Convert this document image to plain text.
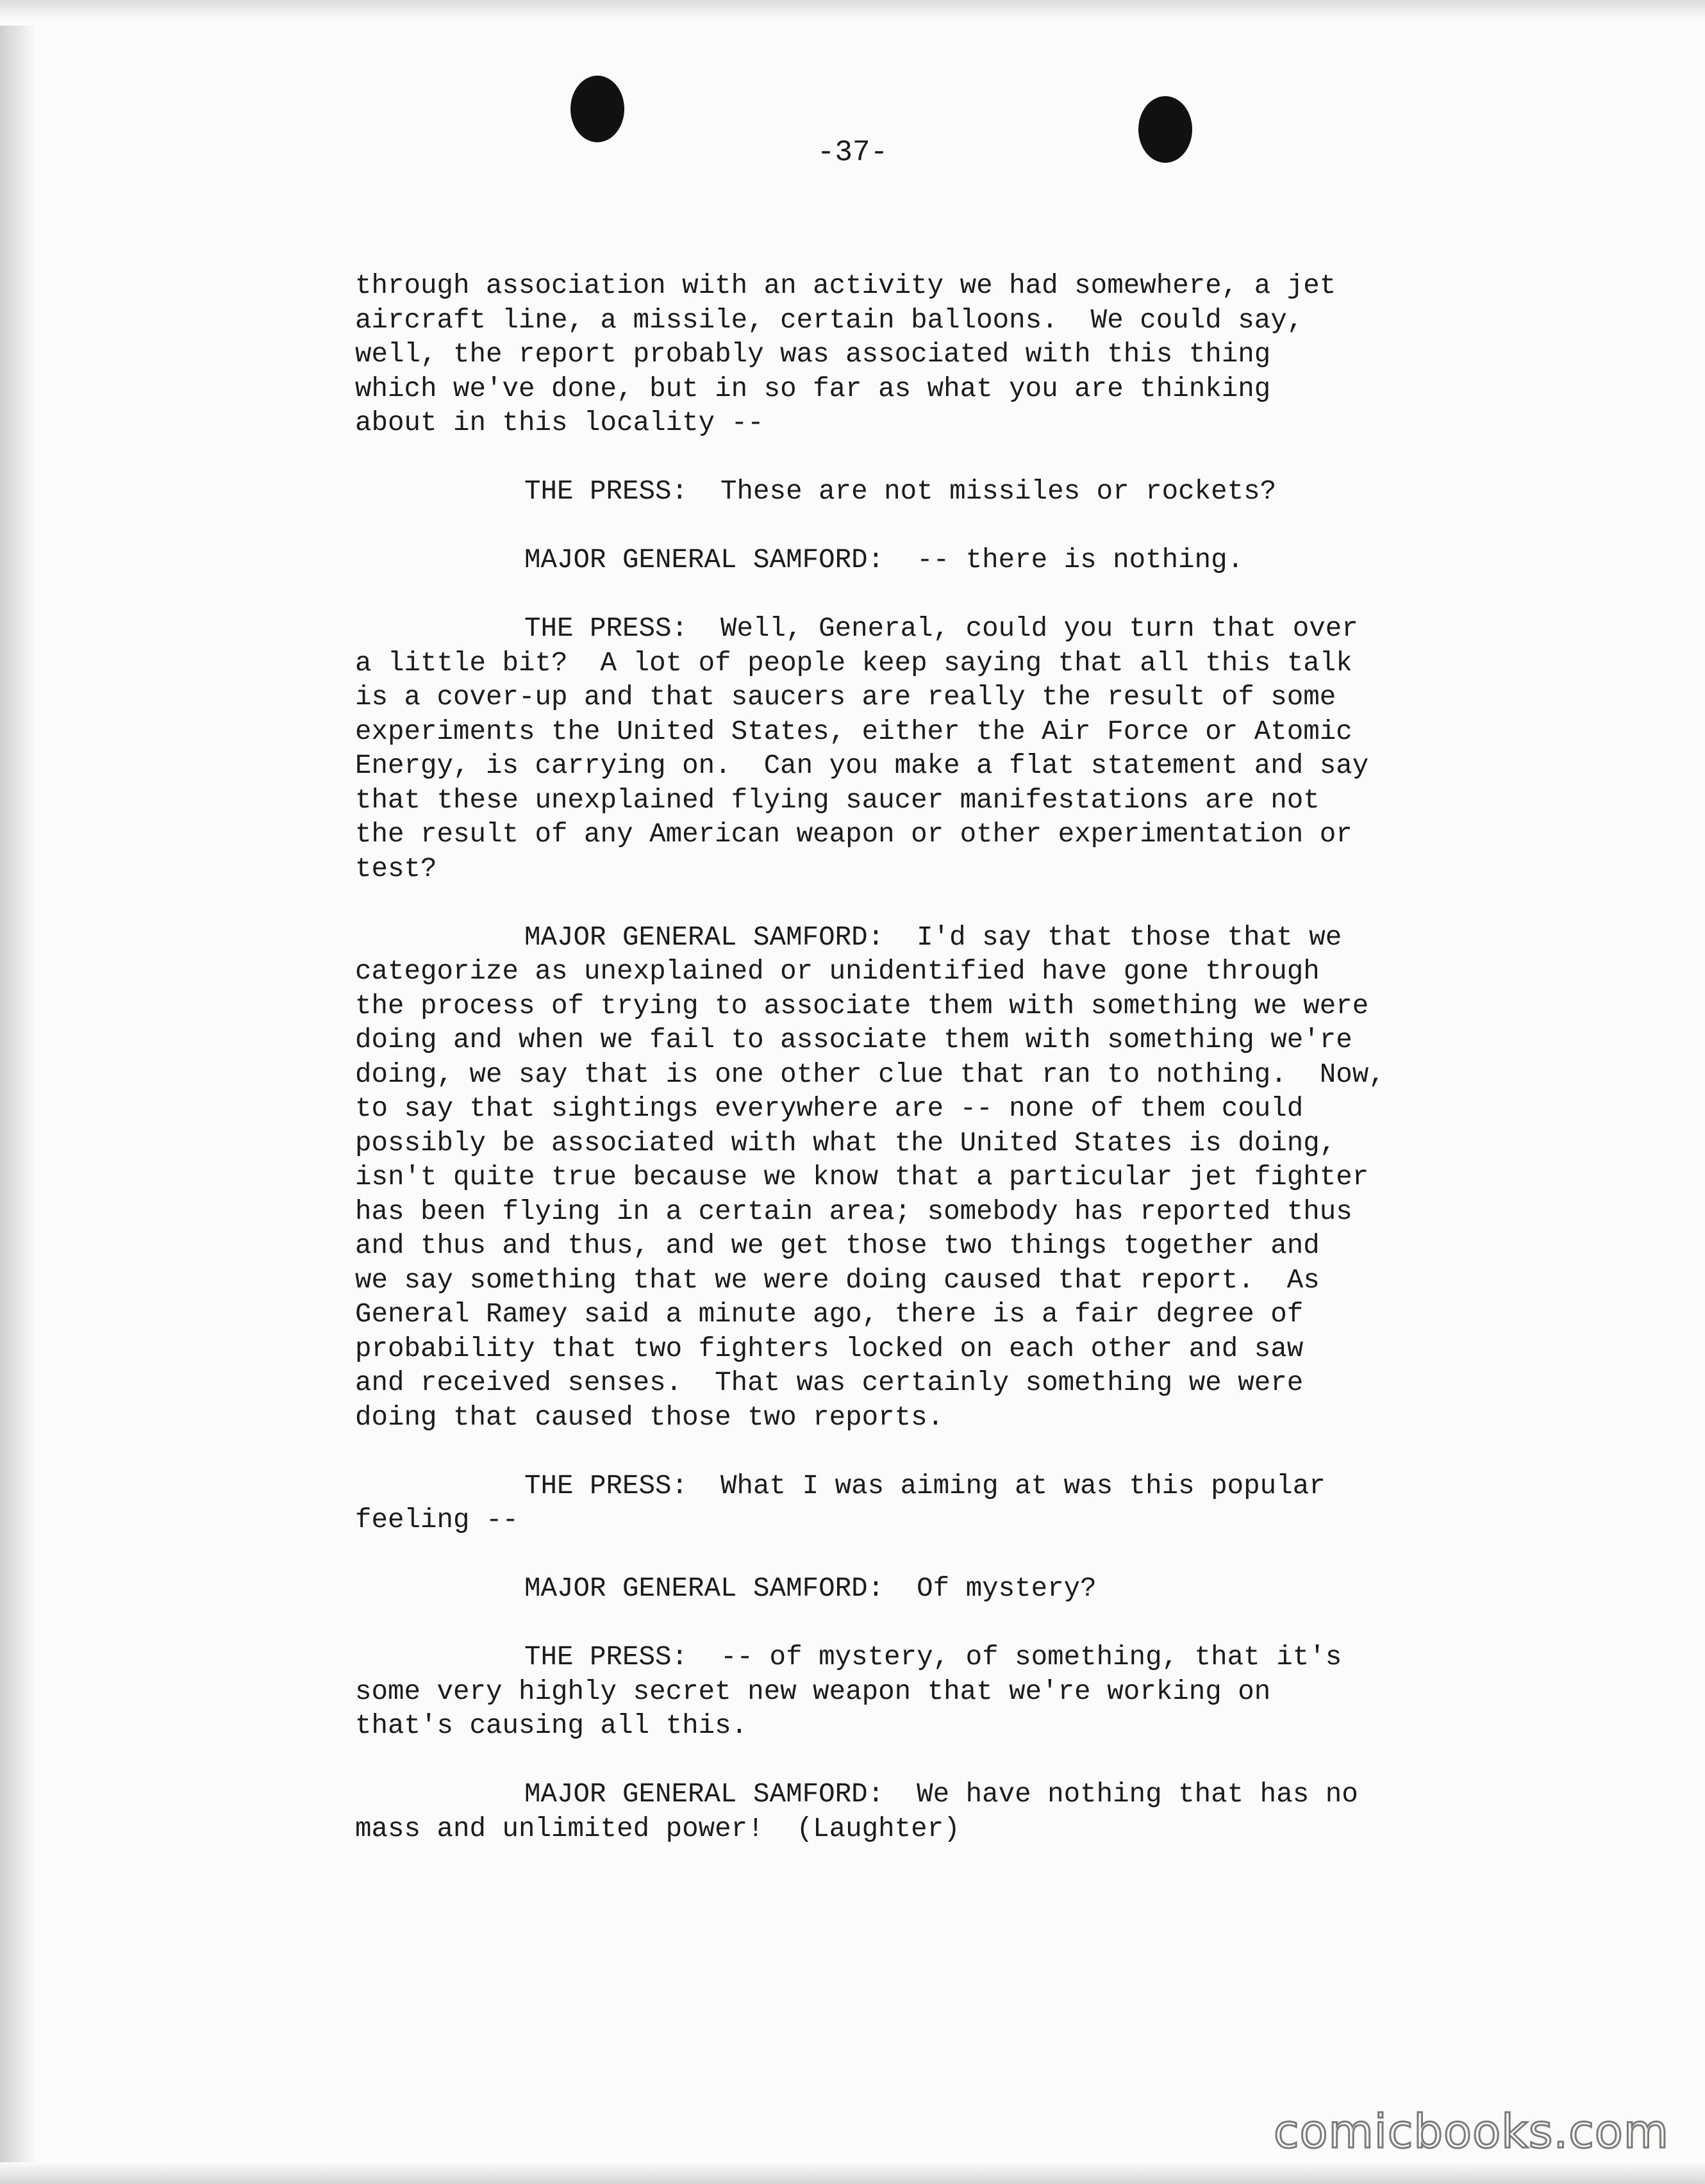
-37-
through association with an activity we had somewhere, a jet
aircraft line, a missile, certain balloons.  We could say,
well, the report probably was associated with this thing
which we've done, but in so far as what you are thinking
about in this locality --
THE PRESS:  These are not missiles or rockets?
MAJOR GENERAL SAMFORD:  -- there is nothing.
THE PRESS:  Well, General, could you turn that over
a little bit?  A lot of people keep saying that all this talk
is a cover-up and that saucers are really the result of some
experiments the United States, either the Air Force or Atomic
Energy, is carrying on.  Can you make a flat statement and say
that these unexplained flying saucer manifestations are not
the result of any American weapon or other experimentation or
test?
MAJOR GENERAL SAMFORD:  I'd say that those that we
categorize as unexplained or unidentified have gone through
the process of trying to associate them with something we were
doing and when we fail to associate them with something we're
doing, we say that is one other clue that ran to nothing.  Now,
to say that sightings everywhere are -- none of them could
possibly be associated with what the United States is doing,
isn't quite true because we know that a particular jet fighter
has been flying in a certain area; somebody has reported thus
and thus and thus, and we get those two things together and
we say something that we were doing caused that report.  As
General Ramey said a minute ago, there is a fair degree of
probability that two fighters locked on each other and saw
and received senses.  That was certainly something we were
doing that caused those two reports.
THE PRESS:  What I was aiming at was this popular
feeling --
MAJOR GENERAL SAMFORD:  Of mystery?
THE PRESS:  -- of mystery, of something, that it's
some very highly secret new weapon that we're working on
that's causing all this.
MAJOR GENERAL SAMFORD:  We have nothing that has no
mass and unlimited power!  (Laughter)
comicbooks.com
